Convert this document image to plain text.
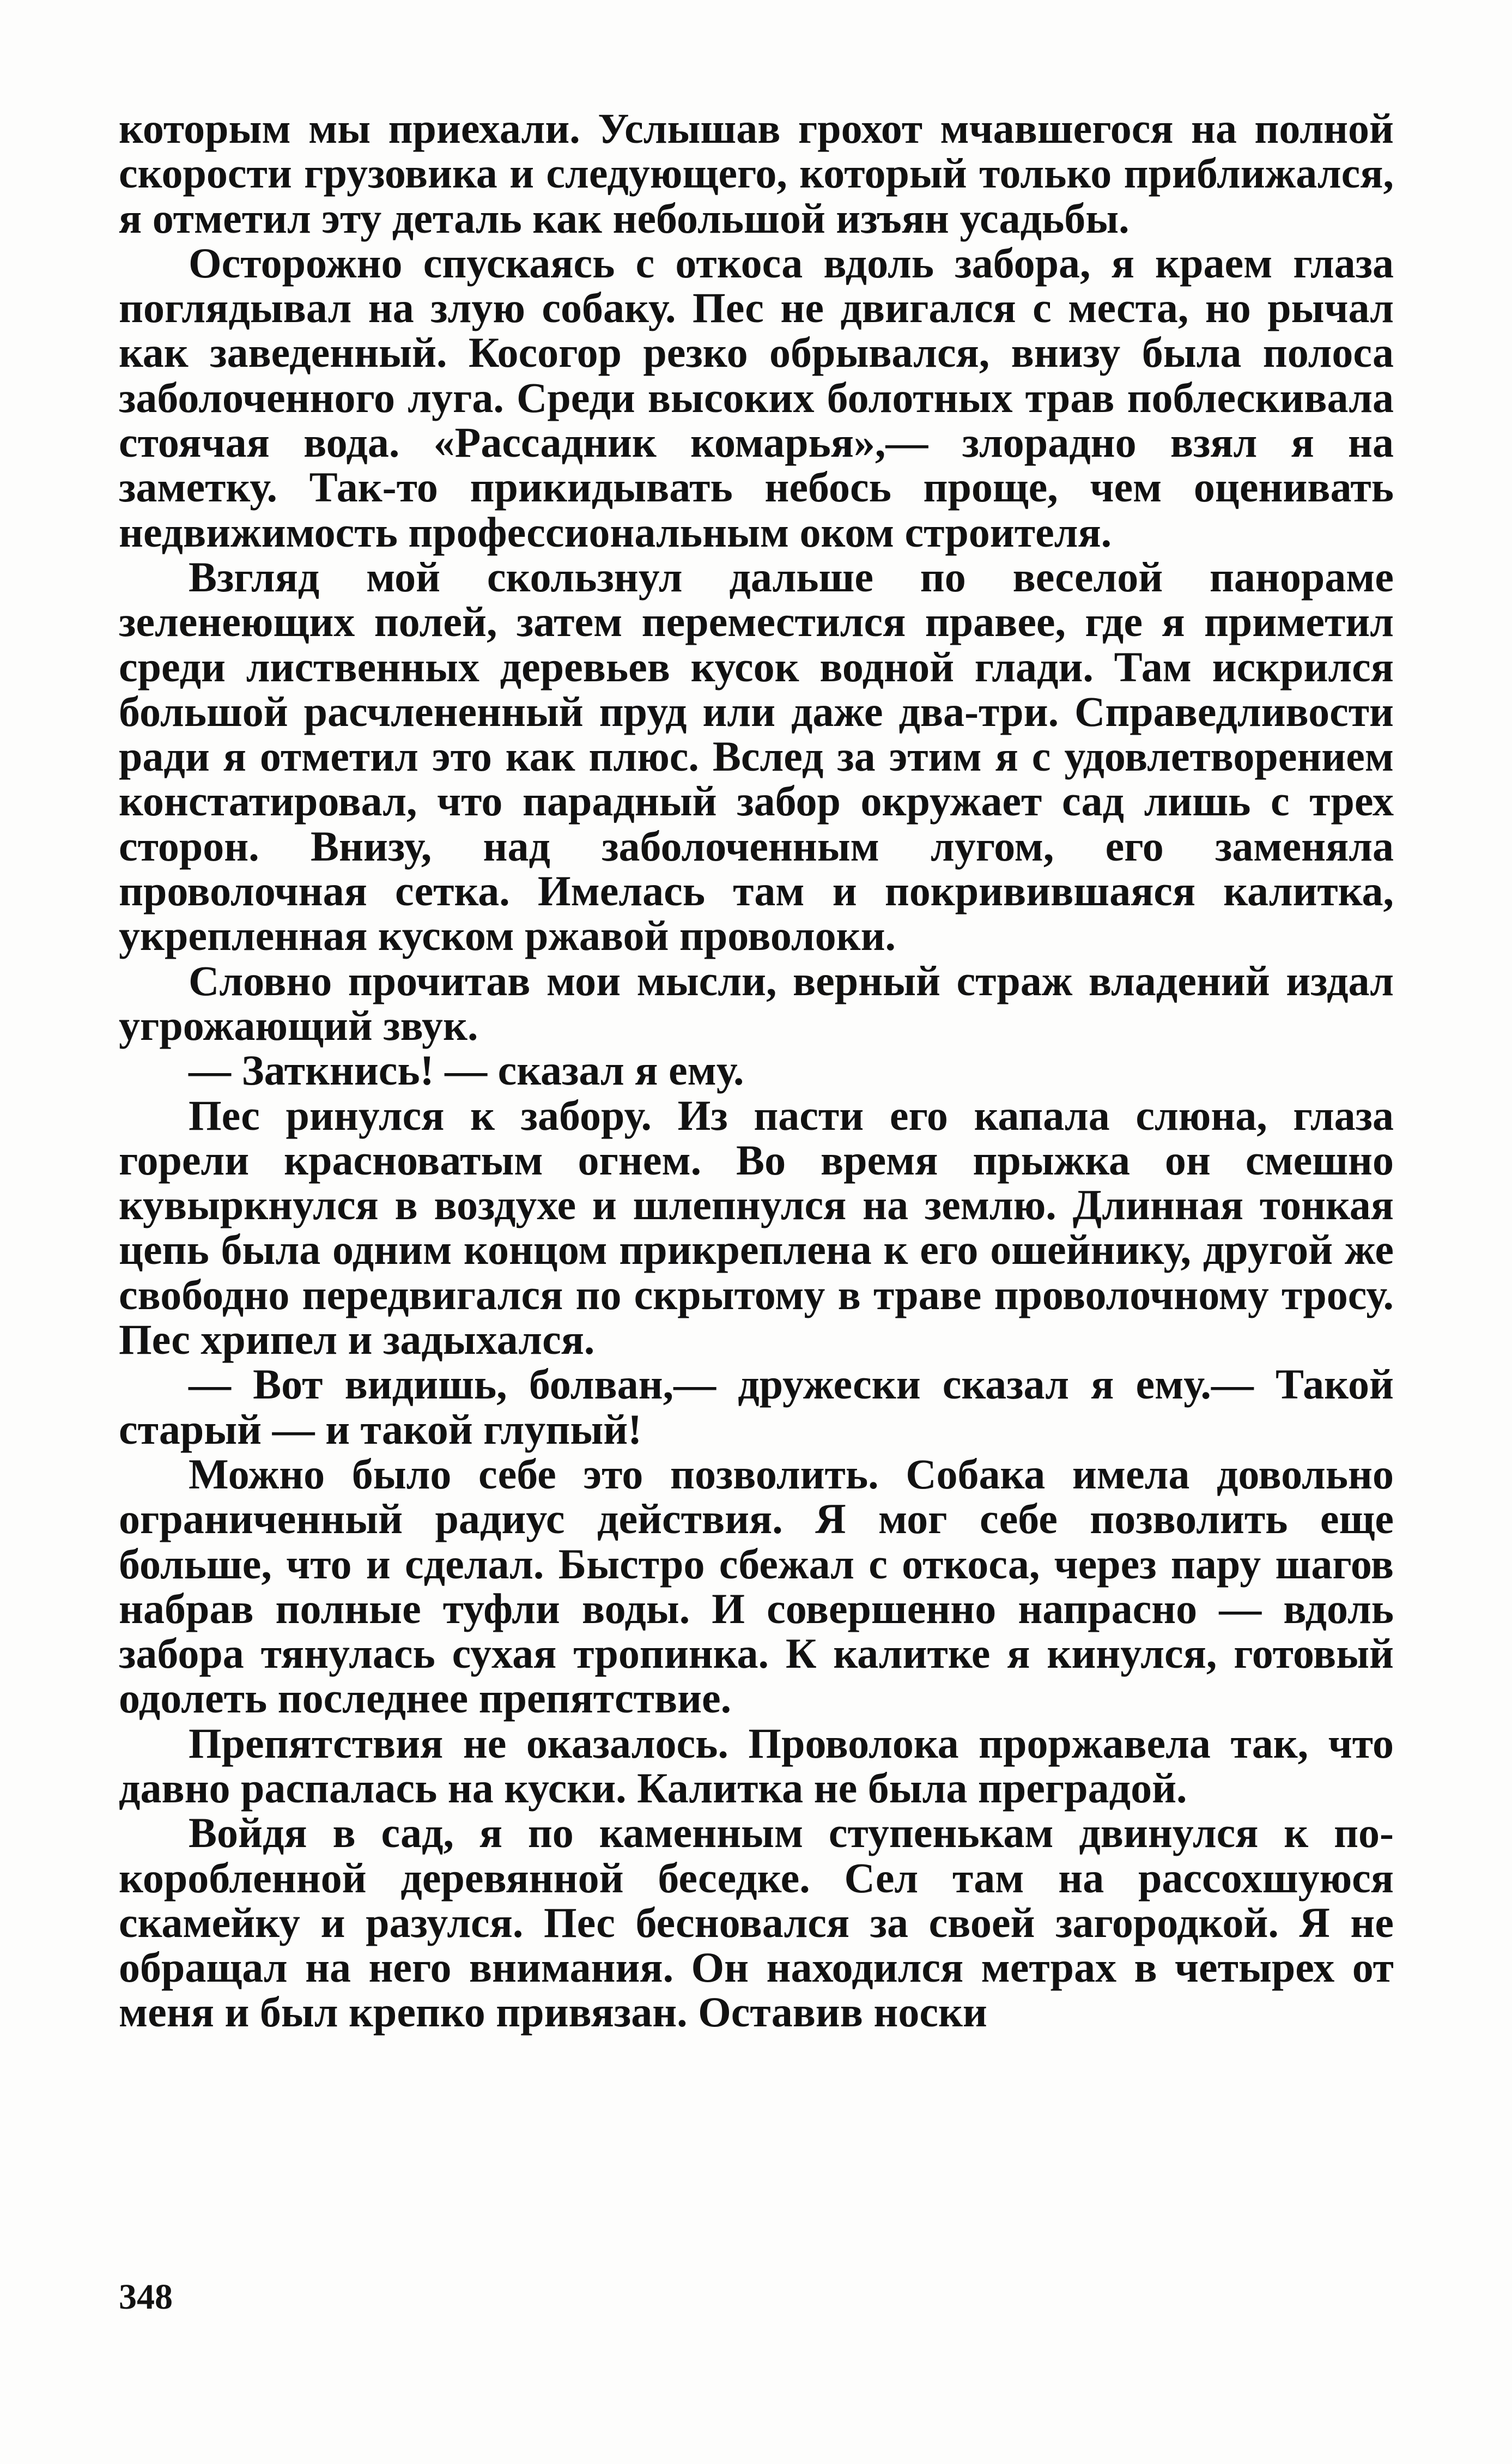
которым мы приехали. Услышав грохот мчавшегося на полной скорости грузовика и следующего, который только приближался, я отметил эту деталь как небольшой изъян усадьбы.

Осторожно спускаясь с откоса вдоль забора, я краем глаза поглядывал на злую собаку. Пес не двигался с места, но рычал как заведенный. Косогор резко обрывался, внизу была полоса заболоченного луга. Среди высоких болотных трав поблескивала стоячая вода. «Рассадник комарья»,— злорадно взял я на заметку. Так-то прикидывать небось проще, чем оценивать недвижимость профессиональным оком строителя.

Взгляд мой скользнул дальше по веселой панораме зеленеющих полей, затем переместился правее, где я приметил среди лиственных деревьев кусок водной глади. Там искрился большой расчлененный пруд или даже два-три. Справедливости ради я отметил это как плюс. Вслед за этим я с удовлетворением констатировал, что парадный забор окружает сад лишь с трех сторон. Внизу, над заболоченным лугом, его заменяла проволочная сетка. Имелась там и покривившаяся калитка, укрепленная куском ржавой проволоки.

Словно прочитав мои мысли, верный страж владений издал угрожающий звук.

— Заткнись! — сказал я ему.

Пес ринулся к забору. Из пасти его капала слюна, глаза горели красноватым огнем. Во время прыжка он смешно кувыркнулся в воздухе и шлепнулся на землю. Длинная тонкая цепь была одним концом прикреплена к его ошейнику, другой же свободно передвигался по скрытому в траве проволочному тросу. Пес хрипел и задыхался.

— Вот видишь, болван,— дружески сказал я ему.— Такой старый — и такой глупый!

Можно было себе это позволить. Собака имела довольно ограниченный радиус действия. Я мог себе позволить еще больше, что и сделал. Быстро сбежал с откоса, через пару шагов набрав полные туфли воды. И совершенно напрасно — вдоль забора тянулась сухая тропинка. К калитке я кинулся, готовый одолеть последнее препятствие.

Препятствия не оказалось. Проволока проржавела так, что давно распалась на куски. Калитка не была преградой.

Войдя в сад, я по каменным ступенькам двинулся к покоробленной деревянной беседке. Сел там на рассохшуюся скамейку и разулся. Пес бесновался за своей загородкой. Я не обращал на него внимания. Он находился метрах в четырех от меня и был крепко привязан. Оставив носки

348
